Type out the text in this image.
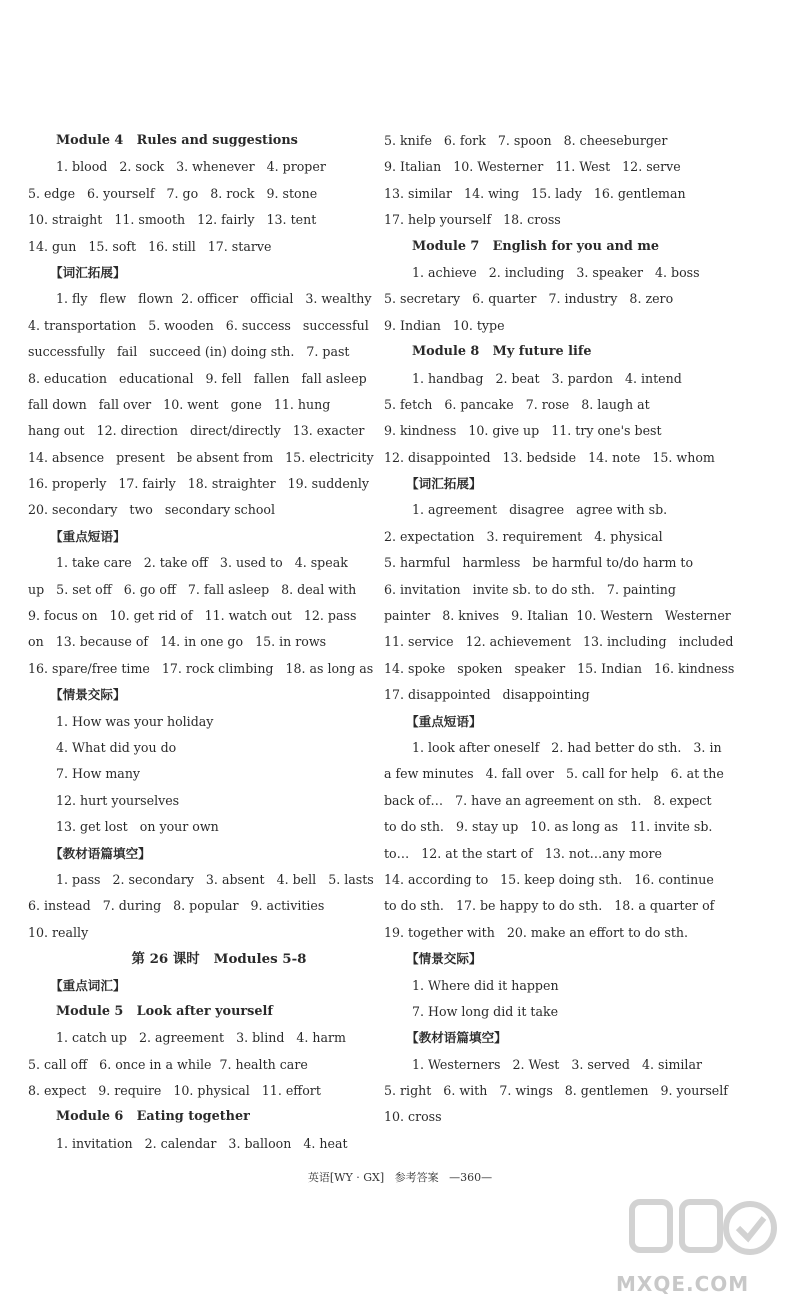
Module 4   Rules and suggestions
1. blood   2. sock   3. whenever   4. proper
5. edge   6. yourself   7. go   8. rock   9. stone
10. straight   11. smooth   12. fairly   13. tent
14. gun   15. soft   16. still   17. starve
【词汇拓展】
1. fly   flew   flown  2. officer   official   3. wealthy
4. transportation   5. wooden   6. success   successful
successfully   fail   succeed (in) doing sth.   7. past
8. education   educational   9. fell   fallen   fall asleep
fall down   fall over   10. went   gone   11. hung
hang out   12. direction   direct/directly   13. exacter
14. absence   present   be absent from   15. electricity
16. properly   17. fairly   18. straighter   19. suddenly
20. secondary   two   secondary school
【重点短语】
1. take care   2. take off   3. used to   4. speak
up   5. set off   6. go off   7. fall asleep   8. deal with
9. focus on   10. get rid of   11. watch out   12. pass
on   13. because of   14. in one go   15. in rows
16. spare/free time   17. rock climbing   18. as long as
【情景交际】
1. How was your holiday
4. What did you do
7. How many
12. hurt yourselves
13. get lost   on your own
【教材语篇填空】
1. pass   2. secondary   3. absent   4. bell   5. lasts
6. instead   7. during   8. popular   9. activities
10. really
第 26 课时   Modules 5-8
【重点词汇】
Module 5   Look after yourself
1. catch up   2. agreement   3. blind   4. harm
5. call off   6. once in a while  7. health care
8. expect   9. require   10. physical   11. effort
Module 6   Eating together
1. invitation   2. calendar   3. balloon   4. heat
5. knife   6. fork   7. spoon   8. cheeseburger
9. Italian   10. Westerner   11. West   12. serve
13. similar   14. wing   15. lady   16. gentleman
17. help yourself   18. cross
Module 7   English for you and me
1. achieve   2. including   3. speaker   4. boss
5. secretary   6. quarter   7. industry   8. zero
9. Indian   10. type
Module 8   My future life
1. handbag   2. beat   3. pardon   4. intend
5. fetch   6. pancake   7. rose   8. laugh at
9. kindness   10. give up   11. try one's best
12. disappointed   13. bedside   14. note   15. whom
【词汇拓展】
1. agreement   disagree   agree with sb.
2. expectation   3. requirement   4. physical
5. harmful   harmless   be harmful to/do harm to
6. invitation   invite sb. to do sth.   7. painting
painter   8. knives   9. Italian  10. Western   Westerner
11. service   12. achievement   13. including   included
14. spoke   spoken   speaker   15. Indian   16. kindness
17. disappointed   disappointing
【重点短语】
1. look after oneself   2. had better do sth.   3. in
a few minutes   4. fall over   5. call for help   6. at the
back of…   7. have an agreement on sth.   8. expect
to do sth.   9. stay up   10. as long as   11. invite sb.
to…   12. at the start of   13. not…any more
14. according to   15. keep doing sth.   16. continue
to do sth.   17. be happy to do sth.   18. a quarter of
19. together with   20. make an effort to do sth.
【情景交际】
1. Where did it happen
7. How long did it take
【教材语篇填空】
1. Westerners   2. West   3. served   4. similar
5. right   6. with   7. wings   8. gentlemen   9. yourself
10. cross
英语[WY · GX]   参考答案   —360—
MXQE.COM
